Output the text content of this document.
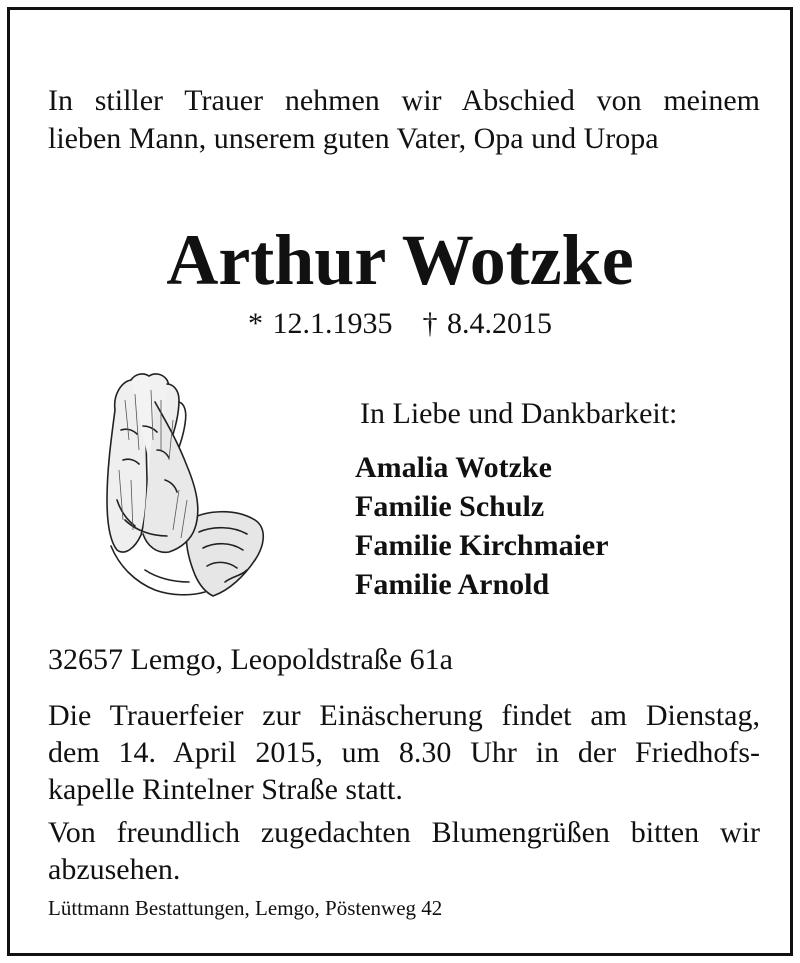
In stiller Trauer nehmen wir Abschied von meinem
lieben Mann, unserem guten Vater, Opa und Uropa
Arthur Wotzke
* 12.1.1935 † 8.4.2015
In Liebe und Dankbarkeit:
Amalia Wotzke
Familie Schulz
Familie Kirchmaier
Familie Arnold
32657 Lemgo, Leopoldstraße 61a
Die Trauerfeier zur Einäscherung findet am Dienstag,
dem 14. April 2015, um 8.30 Uhr in der Friedhofs-
kapelle Rintelner Straße statt.
Von freundlich zugedachten Blumengrüßen bitten wir
abzusehen.
Lüttmann Bestattungen, Lemgo, Pöstenweg 42
